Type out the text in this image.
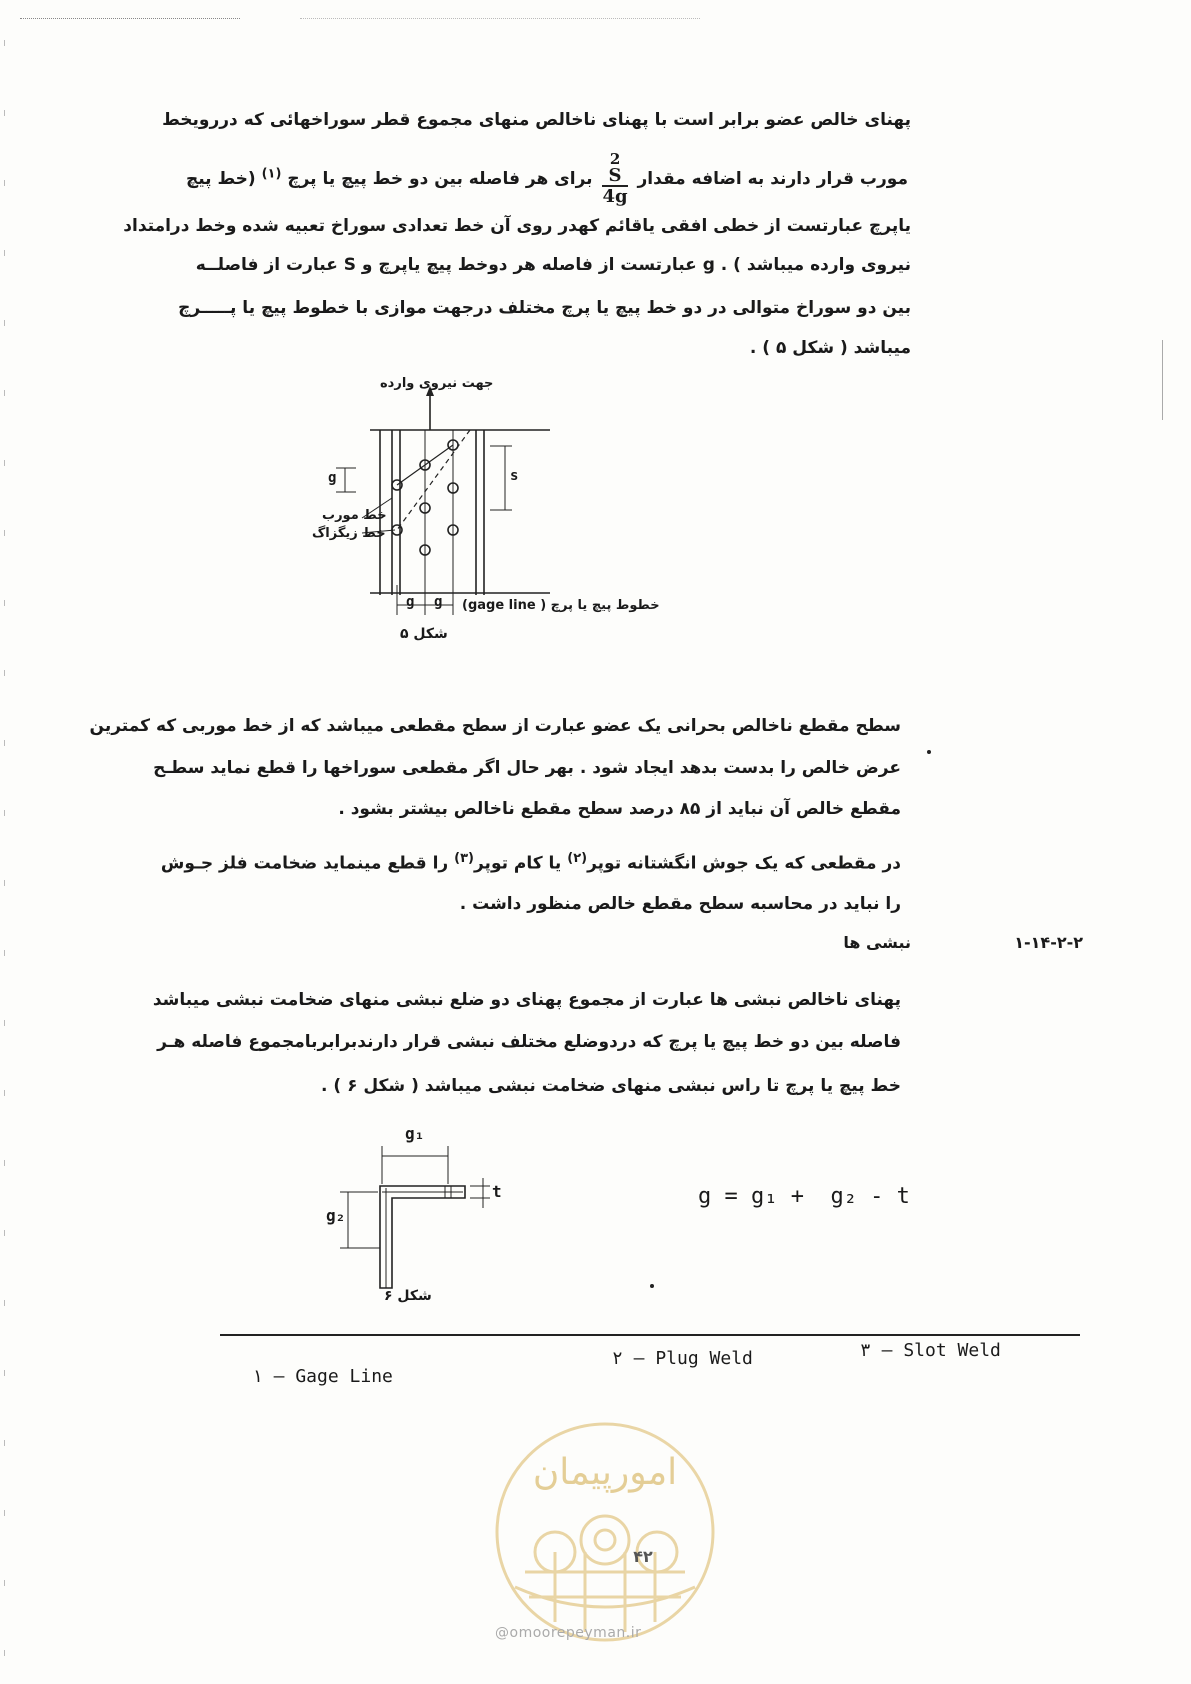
پهنای خالص عضو برابر است با پهنای ناخالص منهای مجموع قطر سوراخهائی که دررویخط
مورب قرار دارند به اضافه مقدار
2
S
4g
برای هر فاصله بین دو خط پیچ یا پرچ $^{(۱)}$ (خط پیچ
یاپرچ عبارتست از خطی افقی یاقائم کهدر روی آن خط تعدادی سوراخ تعبیه شده وخط درامتداد
نیروی وارده میباشد ) . g عبارتست از فاصله هر دوخط پیچ یاپرچ و S عبارت از فاصلــه
بین دو سوراخ متوالی در دو خط پیچ یا پرچ مختلف درجهت موازی با خطوط پیچ یا پـــــرچ
میباشد ( شکل ۵ ) .
جهت نیروی وارده
g	s
خط مورب
خط زیگزاگ
g g خطوط پیچ یا پرچ ( gage line)
شکل ۵
سطح مقطع ناخالص بحرانی یک عضو عبارت از سطح مقطعی میباشد که از خط موربی که کمترین
عرض خالص را بدست بدهد ایجاد شود . بهر حال اگر مقطعی سوراخها را قطع نماید سطـح
مقطع خالص آن نباید از ۸۵ درصد سطح مقطع ناخالص بیشتر بشود .
در مقطعی که یک جوش انگشتانه توپر$^{(۲)}$ یا کام توپر$^{(۳)}$ را قطع مینماید ضخامت فلز جـوش
را نباید در محاسبه سطح مقطع خالص منظور داشت .
۱-۱۴-۲-۲
نبشی ها
پهنای ناخالص نبشی ها عبارت از مجموع پهنای دو ضلع نبشی منهای ضخامت نبشی میباشد
فاصله بین دو خط پیچ یا پرچ که دردوضلع مختلف نبشی قرار دارندبرابربامجموع فاصله هـر
خط پیچ یا پرچ تا راس نبشی منهای ضخامت نبشی میباشد ( شکل ۶ ) .
g₁
g₂
t
شکل ۶
g = g₁ +  g₂ - t
۱ — Gage Line
۲ — Plug Weld	۳ — Slot Weld
امورپیمان
۴۲
@omoorepeyman.ir
